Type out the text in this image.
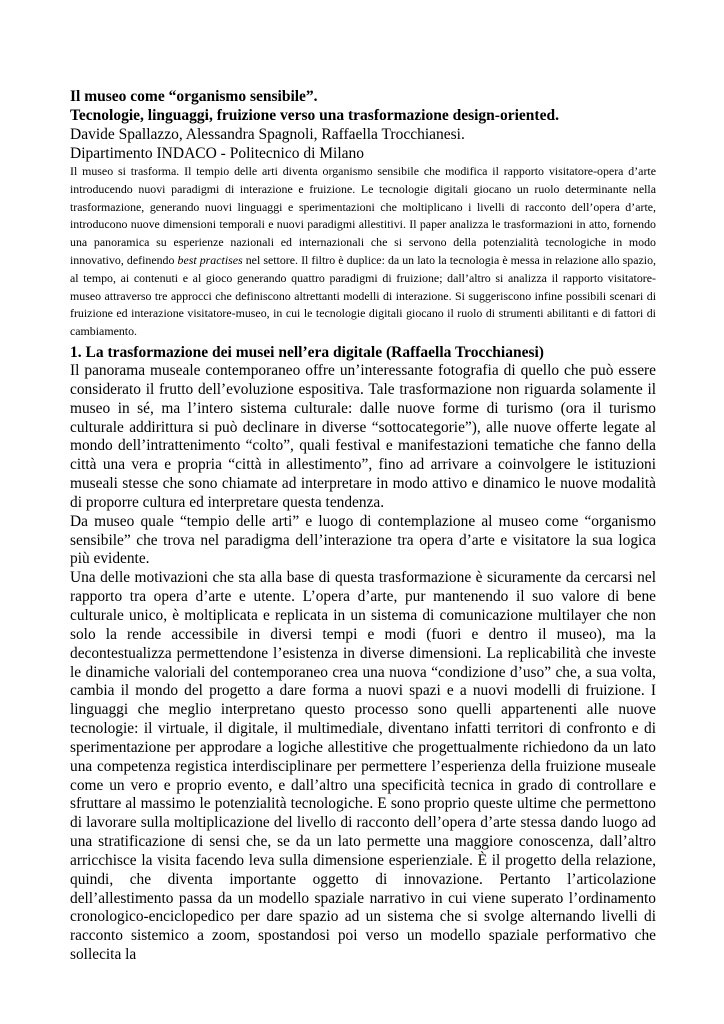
Il museo come “organismo sensibile”.
Tecnologie, linguaggi, fruizione verso una trasformazione design-oriented.
Davide Spallazzo, Alessandra Spagnoli, Raffaella Trocchianesi.
Dipartimento INDACO - Politecnico di Milano

Il museo si trasforma. Il tempio delle arti diventa organismo sensibile che modifica il rapporto visitatore-opera d’arte introducendo nuovi paradigmi di interazione e fruizione. Le tecnologie digitali giocano un ruolo determinante nella trasformazione, generando nuovi linguaggi e sperimentazioni che moltiplicano i livelli di racconto dell’opera d’arte, introducono nuove dimensioni temporali e nuovi paradigmi allestitivi. Il paper analizza le trasformazioni in atto, fornendo una panoramica su esperienze nazionali ed internazionali che si servono della potenzialità tecnologiche in modo innovativo, definendo best practises nel settore. Il filtro è duplice: da un lato la tecnologia è messa in relazione allo spazio, al tempo, ai contenuti e al gioco generando quattro paradigmi di fruizione; dall’altro si analizza il rapporto visitatore-museo attraverso tre approcci che definiscono altrettanti modelli di interazione. Si suggeriscono infine possibili scenari di fruizione ed interazione visitatore-museo, in cui le tecnologie digitali giocano il ruolo di strumenti abilitanti e di fattori di cambiamento.

1. La trasformazione dei musei nell’era digitale (Raffaella Trocchianesi)

Il panorama museale contemporaneo offre un’interessante fotografia di quello che può essere considerato il frutto dell’evoluzione espositiva. Tale trasformazione non riguarda solamente il museo in sé, ma l’intero sistema culturale: dalle nuove forme di turismo (ora il turismo culturale addirittura si può declinare in diverse “sottocategorie”), alle nuove offerte legate al mondo dell’intrattenimento “colto”, quali festival e manifestazioni tematiche che fanno della città una vera e propria “città in allestimento”, fino ad arrivare a coinvolgere le istituzioni museali stesse che sono chiamate ad interpretare in modo attivo e dinamico le nuove modalità di proporre cultura ed interpretare questa tendenza.

Da museo quale “tempio delle arti” e luogo di contemplazione al museo come “organismo sensibile” che trova nel paradigma dell’interazione tra opera d’arte e visitatore la sua logica più evidente.

Una delle motivazioni che sta alla base di questa trasformazione è sicuramente da cercarsi nel rapporto tra opera d’arte e utente. L’opera d’arte, pur mantenendo il suo valore di bene culturale unico, è moltiplicata e replicata in un sistema di comunicazione multilayer che non solo la rende accessibile in diversi tempi e modi (fuori e dentro il museo), ma la decontestualizza permettendone l’esistenza in diverse dimensioni. La replicabilità che investe le dinamiche valoriali del contemporaneo crea una nuova “condizione d’uso” che, a sua volta, cambia il mondo del progetto a dare forma a nuovi spazi e a nuovi modelli di fruizione. I linguaggi che meglio interpretano questo processo sono quelli appartenenti alle nuove tecnologie: il virtuale, il digitale, il multimediale, diventano infatti territori di confronto e di sperimentazione per approdare a logiche allestitive che progettualmente richiedono da un lato una competenza registica interdisciplinare per permettere l’esperienza della fruizione museale come un vero e proprio evento, e dall’altro una specificità tecnica in grado di controllare e sfruttare al massimo le potenzialità tecnologiche. E sono proprio queste ultime che permettono di lavorare sulla moltiplicazione del livello di racconto dell’opera d’arte stessa dando luogo ad una stratificazione di sensi che, se da un lato permette una maggiore conoscenza, dall’altro arricchisce la visita facendo leva sulla dimensione esperienziale. È il progetto della relazione, quindi, che diventa importante oggetto di innovazione. Pertanto l’articolazione dell’allestimento passa da un modello spaziale narrativo in cui viene superato l’ordinamento cronologico-enciclopedico per dare spazio ad un sistema che si svolge alternando livelli di racconto sistemico a zoom, spostandosi poi verso un modello spaziale performativo che sollecita la
